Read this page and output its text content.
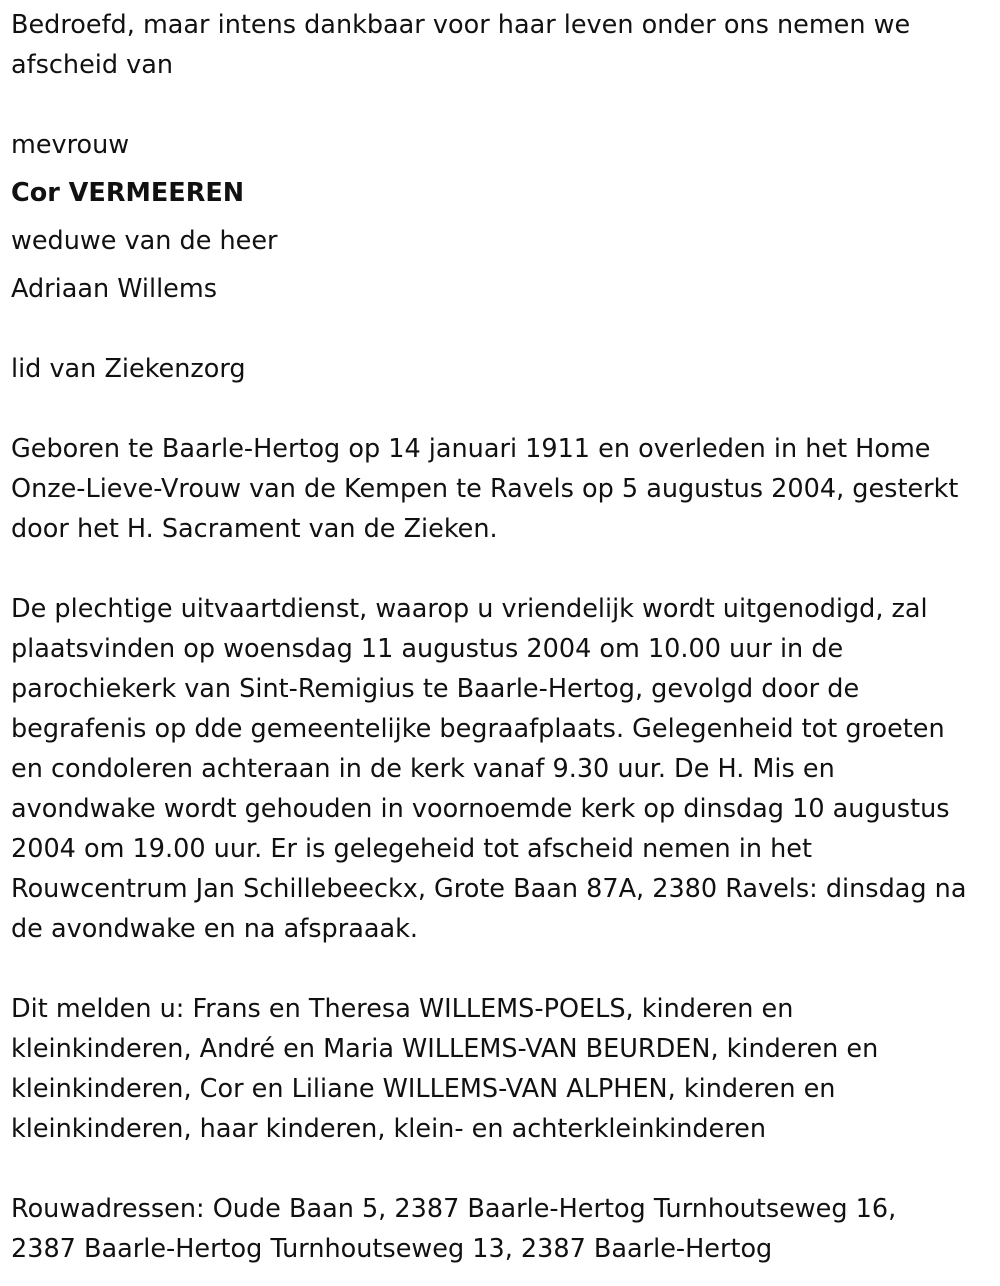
Bedroefd, maar intens dankbaar voor haar leven onder ons nemen we
afscheid van

mevrouw

Cor VERMEEREN

weduwe van de heer

Adriaan Willems

lid van Ziekenzorg

Geboren te Baarle-Hertog op 14 januari 1911 en overleden in het Home
Onze-Lieve-Vrouw van de Kempen te Ravels op 5 augustus 2004, gesterkt
door het H. Sacrament van de Zieken.

De plechtige uitvaartdienst, waarop u vriendelijk wordt uitgenodigd, zal
plaatsvinden op woensdag 11 augustus 2004 om 10.00 uur in de
parochiekerk van Sint-Remigius te Baarle-Hertog, gevolgd door de
begrafenis op dde gemeentelijke begraafplaats. Gelegenheid tot groeten
en condoleren achteraan in de kerk vanaf 9.30 uur. De H. Mis en
avondwake wordt gehouden in voornoemde kerk op dinsdag 10 augustus
2004 om 19.00 uur. Er is gelegeheid tot afscheid nemen in het
Rouwcentrum Jan Schillebeeckx, Grote Baan 87A, 2380 Ravels: dinsdag na
de avondwake en na afspraaak.

Dit melden u: Frans en Theresa WILLEMS-POELS, kinderen en
kleinkinderen, André en Maria WILLEMS-VAN BEURDEN, kinderen en
kleinkinderen, Cor en Liliane WILLEMS-VAN ALPHEN, kinderen en
kleinkinderen, haar kinderen, klein- en achterkleinkinderen

Rouwadressen: Oude Baan 5, 2387 Baarle-Hertog Turnhoutseweg 16,
2387 Baarle-Hertog Turnhoutseweg 13, 2387 Baarle-Hertog
